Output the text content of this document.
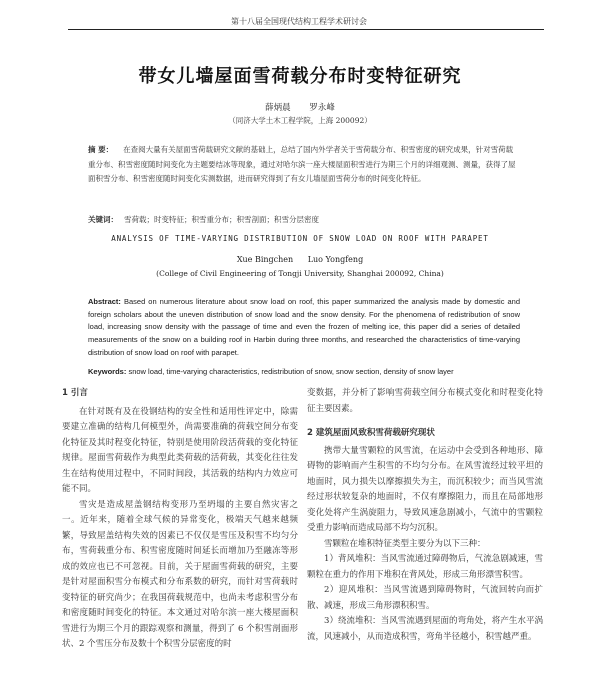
第十八届全国现代结构工程学术研讨会
带女儿墙屋面雪荷载分布时变特征研究
薛炳晨 罗永峰
（同济大学土木工程学院，上海 200092）
摘 要： 在查阅大量有关屋面雪荷载研究文献的基础上，总结了国内外学者关于雪荷载分布、积雪密度的研究成果，针对雪荷载重分布、积雪密度随时间变化为主题要结冰等现象，通过对哈尔滨一座大楼屋面积雪进行为期三个月的详细观测、测量，获得了屋面积雪分布、积雪密度随时间变化实测数据，进而研究得到了有女儿墙屋面雪荷分布的时间变化特征。
关键词： 雪荷载；时变特征；积雪重分布；积雪剖面；积雪分层密度
ANALYSIS OF TIME-VARYING DISTRIBUTION OF SNOW LOAD ON ROOF WITH PARAPET
Xue Bingchen Luo Yongfeng
(College of Civil Engineering of Tongji University, Shanghai 200092, China)
Abstract: Based on numerous literature about snow load on roof, this paper summarized the analysis made by domestic and foreign scholars about the uneven distribution of snow load and the snow density. For the phenomena of redistribution of snow load, increasing snow density with the passage of time and even the frozen of melting ice, this paper did a series of detailed measurements of the snow on a building roof in Harbin during three months, and researched the characteristics of time-varying distribution of snow load on roof with parapet.
Keywords: snow load, time-varying characteristics, redistribution of snow, snow section, density of snow layer
1 引言

在针对既有及在役钢结构的安全性和适用性评定中，除需要建立准确的结构几何模型外，尚需要准确的荷载空间分布变化特征及其时程变化特征，特别是使用阶段活荷载的变化特征规律。屋面雪荷载作为典型此类荷载的活荷载，其变化往往发生在结构使用过程中，不同时间段，其活载的结构内力效应可能不同。

雪灾是造成屋盖钢结构变形乃至坍塌的主要自然灾害之一。近年来，随着全球气候的异常变化，极端天气越来越频繁，导致屋盖结构失效的因素已不仅仅是雪压及积雪不均匀分布，雪荷载重分布、积雪密度随时间延长而增加乃至融冻等形成的效应也已不可忽视。目前，关于屋面雪荷载的研究，主要是针对屋面积雪分布模式和分布系数的研究，而针对雪荷载时变特征的研究尚少；在我国荷载规范中，也尚未考虑积雪分布和密度随时间变化的特征。本文通过对哈尔滨一座大楼屋面积雪进行为期三个月的跟踪观察和测量，得到了 6 个积雪剖面形状、2 个雪压分布及数十个积雪分层密度的时

变数据，并分析了影响雪荷载空间分布模式变化和时程变化特征主要因素。

2 建筑屋面风致积雪荷载研究现状

携带大量雪颗粒的风雪流，在运动中会受到各种地形、障碍物的影响而产生积雪的不均匀分布。在风雪流经过较平坦的地面时，风力损失以摩擦损失为主，而沉积较少；而当风雪流经过形状较复杂的地面时，不仅有摩擦阻力，而且在局部地形变化处将产生涡旋阻力，导致风速急剧减小，气流中的雪颗粒受重力影响而造成局部不均匀沉积。

雪颗粒在堆积特征类型主要分为以下三种：

1）背风堆积：当风雪流通过障碍物后，气流急剧减速，雪颗粒在重力的作用下堆积在背风处，形成三角形漂雪积雪。

2）迎风堆积：当风雪流遇到障碍物时，气流回转向而扩散、减速，形成三角形漂积积雪。

3）绕流堆积：当风雪流遇到屋面的弯角处，将产生水平涡流，风速减小，从而造成积雪，弯角半径越小，积雪越严重。
